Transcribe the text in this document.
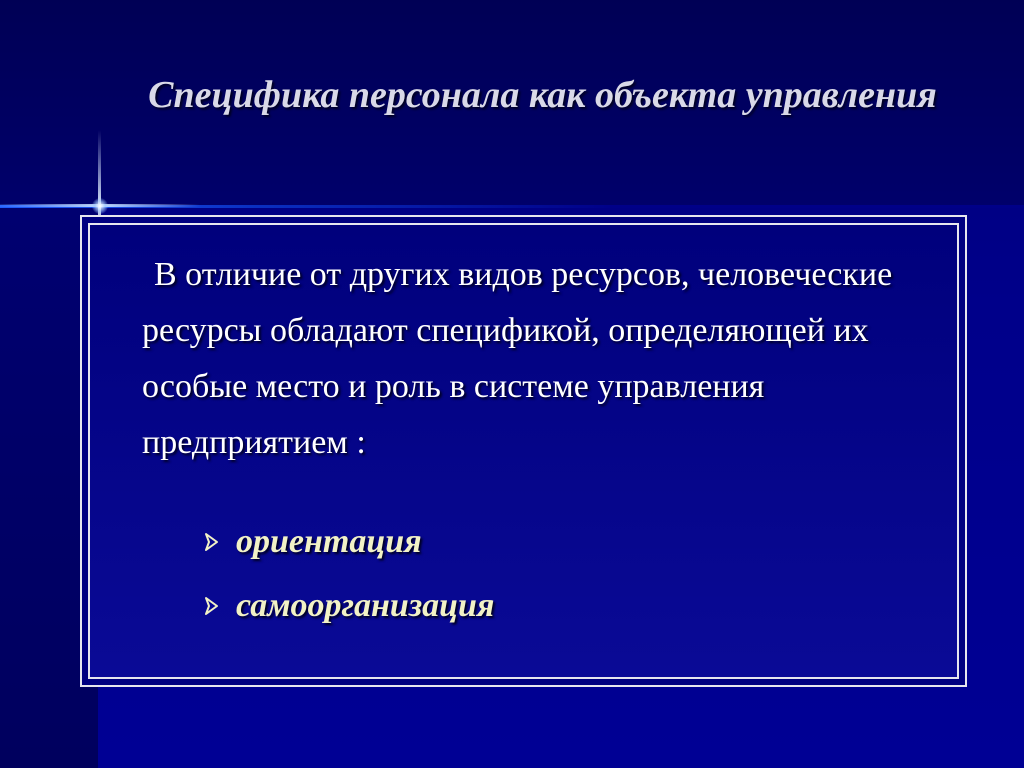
Специфика персонала как объекта управления

В отличие от других видов ресурсов, человеческие ресурсы обладают спецификой, определяющей их особые место и роль в системе управления предприятием :

ориентация
самоорганизация
